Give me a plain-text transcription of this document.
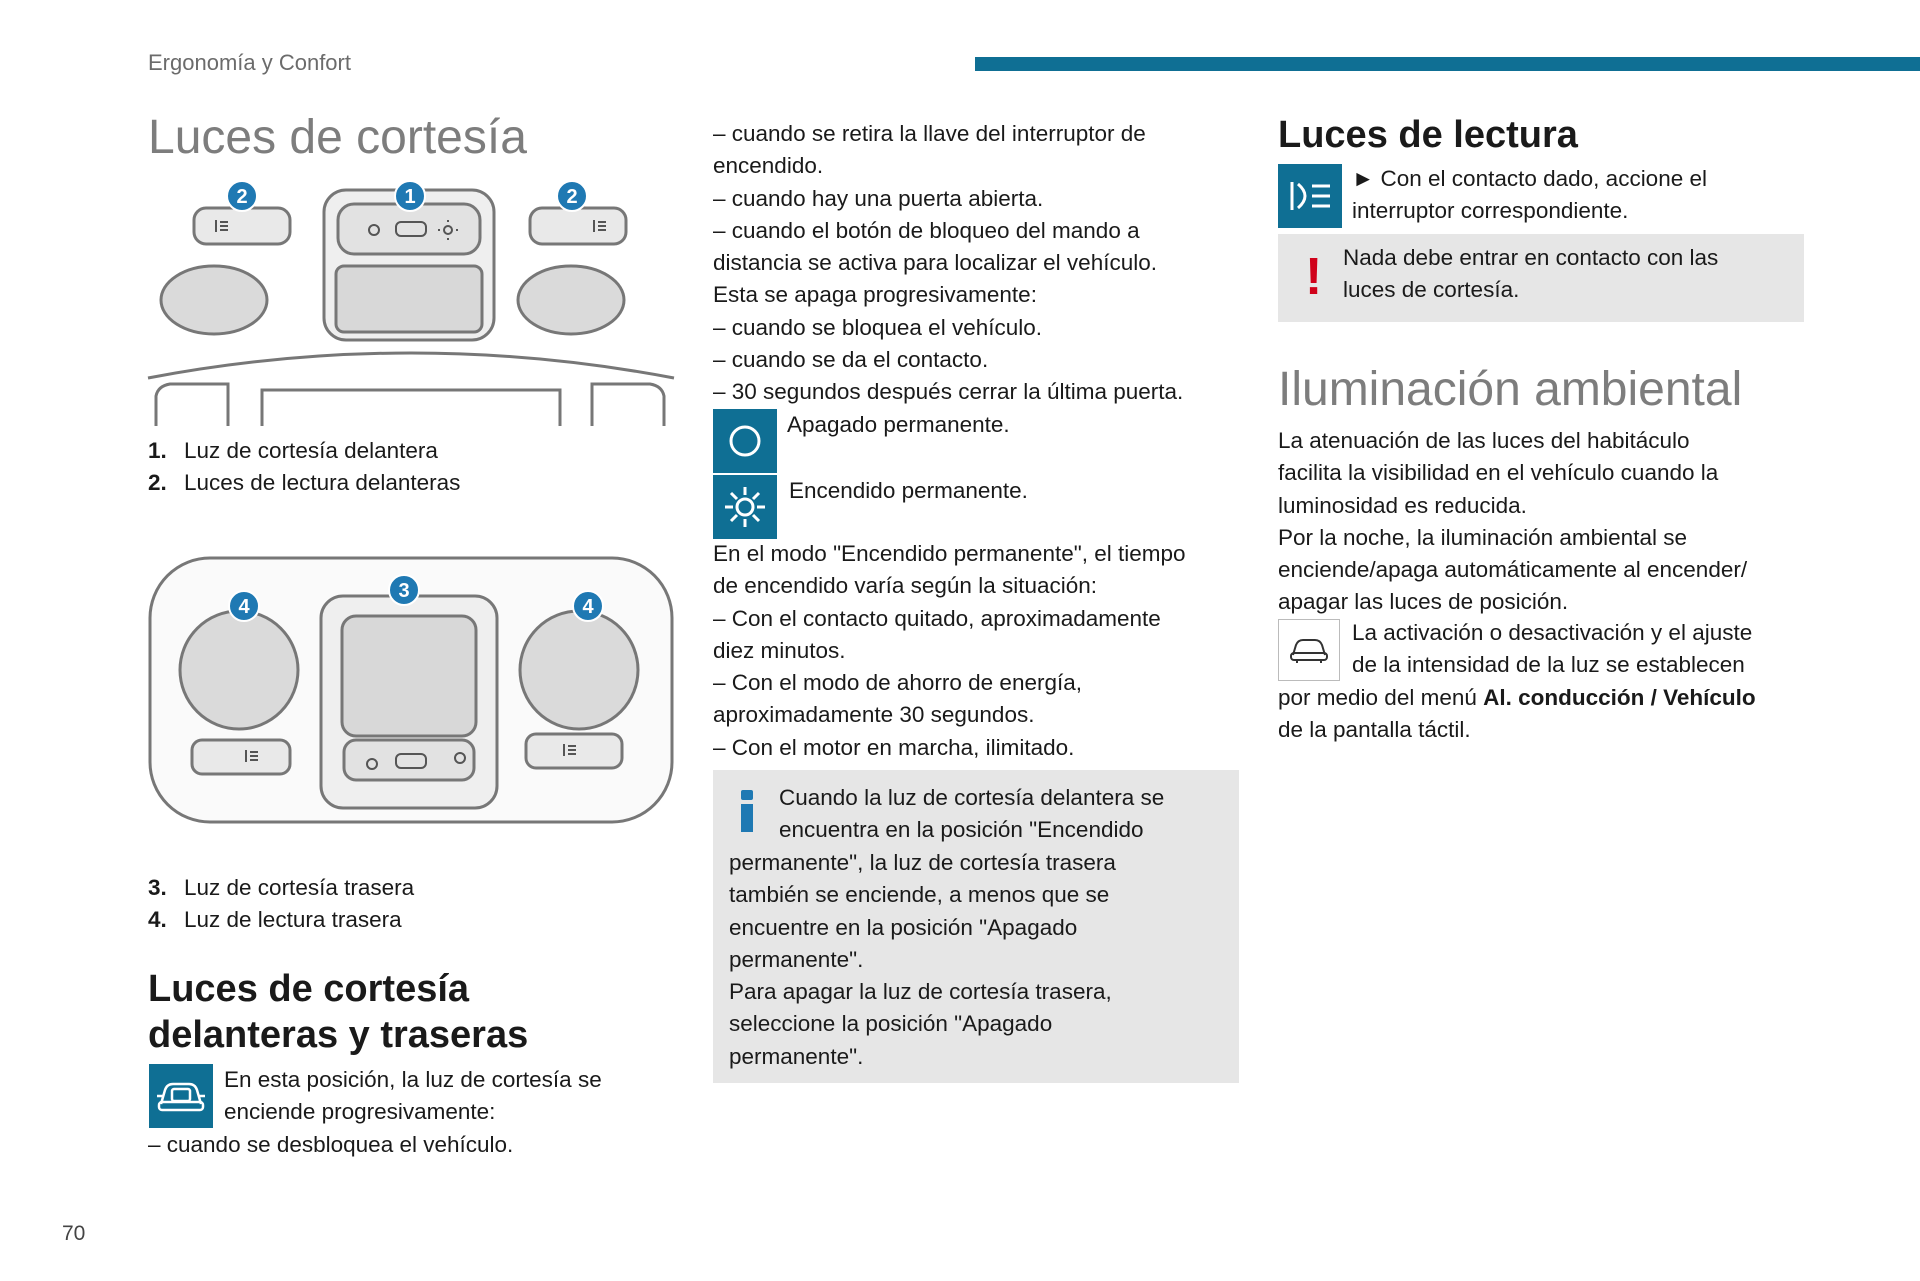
Ergonomía y Confort
Luces de cortesía
1
2	2

1. Luz de cortesía delantera

2. Luces de lectura delanteras

3
4	4

3. Luz de cortesía trasera

4. Luz de lectura trasera

Luces de cortesía
delanteras y traseras

En esta posición, la luz de cortesía se

enciende progresivamente:

– cuando se desbloquea el vehículo.

– cuando se retira la llave del interruptor de

encendido.

– cuando hay una puerta abierta.

– cuando el botón de bloqueo del mando a

distancia se activa para localizar el vehículo.

Esta se apaga progresivamente:

– cuando se bloquea el vehículo.

– cuando se da el contacto.

– 30 segundos después cerrar la última puerta.

Apagado permanente.
Encendido permanente.

En el modo "Encendido permanente", el tiempo

de encendido varía según la situación:

– Con el contacto quitado, aproximadamente

diez minutos.

– Con el modo de ahorro de energía,

aproximadamente 30 segundos.

– Con el motor en marcha, ilimitado.

Cuando la luz de cortesía delantera se

encuentra en la posición "Encendido

permanente", la luz de cortesía trasera

también se enciende, a menos que se

encuentre en la posición "Apagado

permanente".

Para apagar la luz de cortesía trasera,

seleccione la posición "Apagado

permanente".

Luces de lectura

► Con el contacto dado, accione el

interruptor correspondiente.

! Nada debe entrar en contacto con las

luces de cortesía.

Iluminación ambiental

La atenuación de las luces del habitáculo

facilita la visibilidad en el vehículo cuando la

luminosidad es reducida.

Por la noche, la iluminación ambiental se

enciende/apaga automáticamente al encender/

apagar las luces de posición.

La activación o desactivación y el ajuste

de la intensidad de la luz se establecen

por medio del menú Al. conducción / Vehículo

de la pantalla táctil.

70
